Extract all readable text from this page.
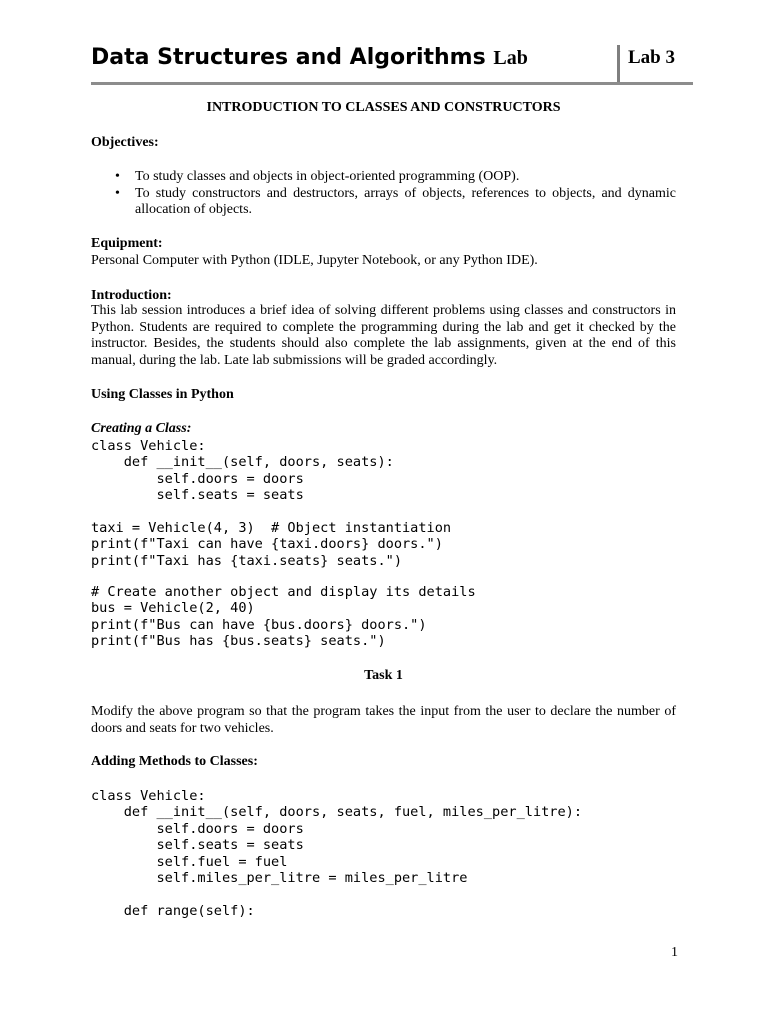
Data Structures and Algorithms Lab	Lab 3
INTRODUCTION TO CLASSES AND CONSTRUCTORS
Objectives:
• To study classes and objects in object-oriented programming (OOP).
• To study constructors and destructors, arrays of objects, references to objects, and dynamic allocation of objects.
Equipment:
Personal Computer with Python (IDLE, Jupyter Notebook, or any Python IDE).
Introduction:
This lab session introduces a brief idea of solving different problems using classes and constructors in Python. Students are required to complete the programming during the lab and get it checked by the instructor. Besides, the students should also complete the lab assignments, given at the end of this manual, during the lab. Late lab submissions will be graded accordingly.
Using Classes in Python
Creating a Class:
class Vehicle:
def __init__(self, doors, seats):
self.doors = doors
self.seats = seats
taxi = Vehicle(4, 3)  # Object instantiation
print(f"Taxi can have {taxi.doors} doors.")
print(f"Taxi has {taxi.seats} seats.")
# Create another object and display its details
bus = Vehicle(2, 40)
print(f"Bus can have {bus.doors} doors.")
print(f"Bus has {bus.seats} seats.")
Task 1
Modify the above program so that the program takes the input from the user to declare the number of doors and seats for two vehicles.
Adding Methods to Classes:
class Vehicle:
def __init__(self, doors, seats, fuel, miles_per_litre):
self.doors = doors
self.seats = seats
self.fuel = fuel
self.miles_per_litre = miles_per_litre
def range(self):
1
